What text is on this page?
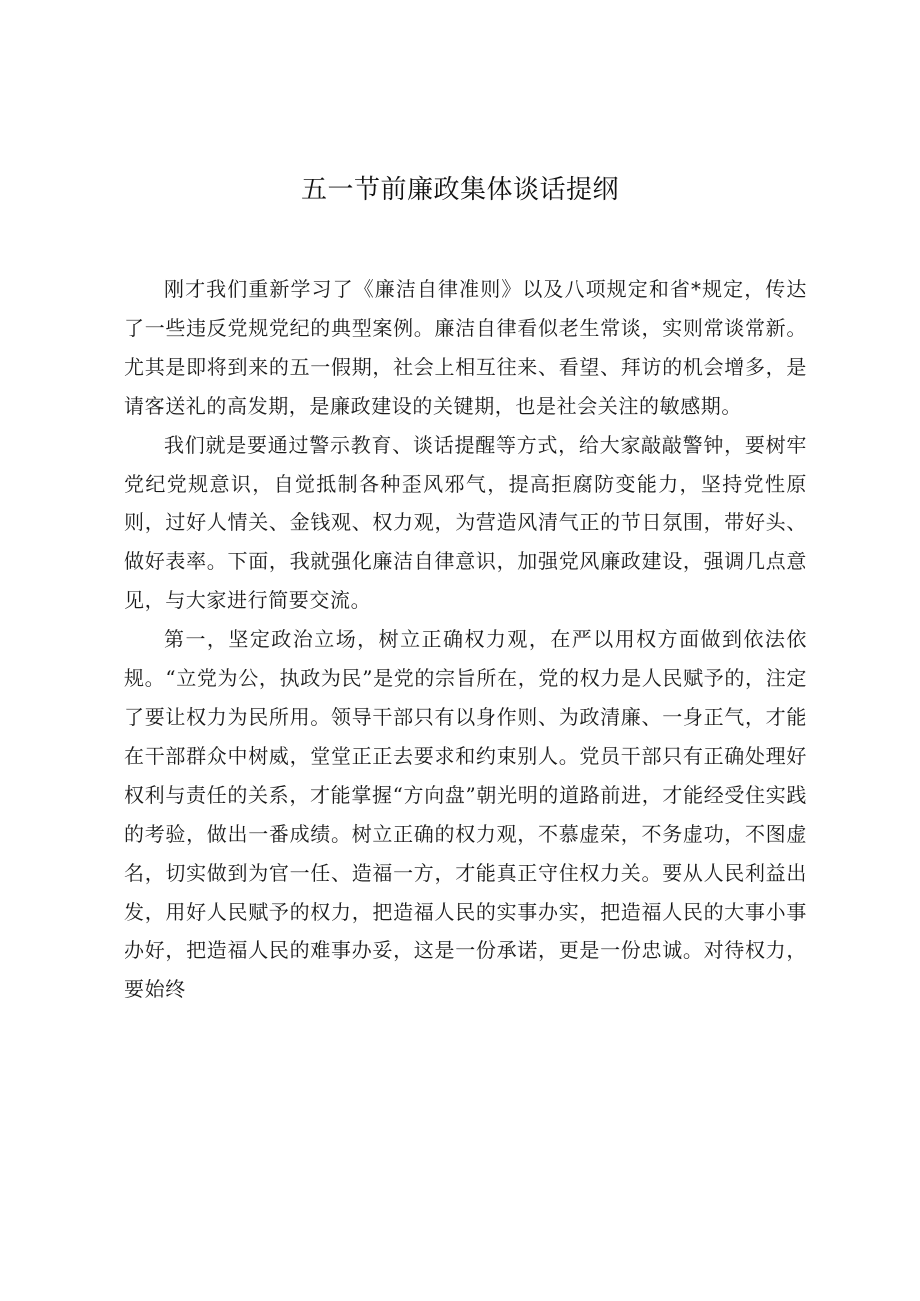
五一节前廉政集体谈话提纲

刚才我们重新学习了《廉洁自律准则》以及八项规定和省*规定，传达了一些违反党规党纪的典型案例。廉洁自律看似老生常谈，实则常谈常新。尤其是即将到来的五一假期，社会上相互往来、看望、拜访的机会增多，是请客送礼的高发期，是廉政建设的关键期，也是社会关注的敏感期。

我们就是要通过警示教育、谈话提醒等方式，给大家敲敲警钟，要树牢党纪党规意识，自觉抵制各种歪风邪气，提高拒腐防变能力，坚持党性原则，过好人情关、金钱观、权力观，为营造风清气正的节日氛围，带好头、做好表率。下面，我就强化廉洁自律意识，加强党风廉政建设，强调几点意见，与大家进行简要交流。

第一，坚定政治立场，树立正确权力观，在严以用权方面做到依法依规。“立党为公，执政为民”是党的宗旨所在，党的权力是人民赋予的，注定了要让权力为民所用。领导干部只有以身作则、为政清廉、一身正气，才能在干部群众中树威，堂堂正正去要求和约束别人。党员干部只有正确处理好权利与责任的关系，才能掌握“方向盘”朝光明的道路前进，才能经受住实践的考验，做出一番成绩。树立正确的权力观，不慕虚荣，不务虚功，不图虚名，切实做到为官一任、造福一方，才能真正守住权力关。要从人民利益出发，用好人民赋予的权力，把造福人民的实事办实，把造福人民的大事小事办好，把造福人民的难事办妥，这是一份承诺，更是一份忠诚。对待权力，要始终
